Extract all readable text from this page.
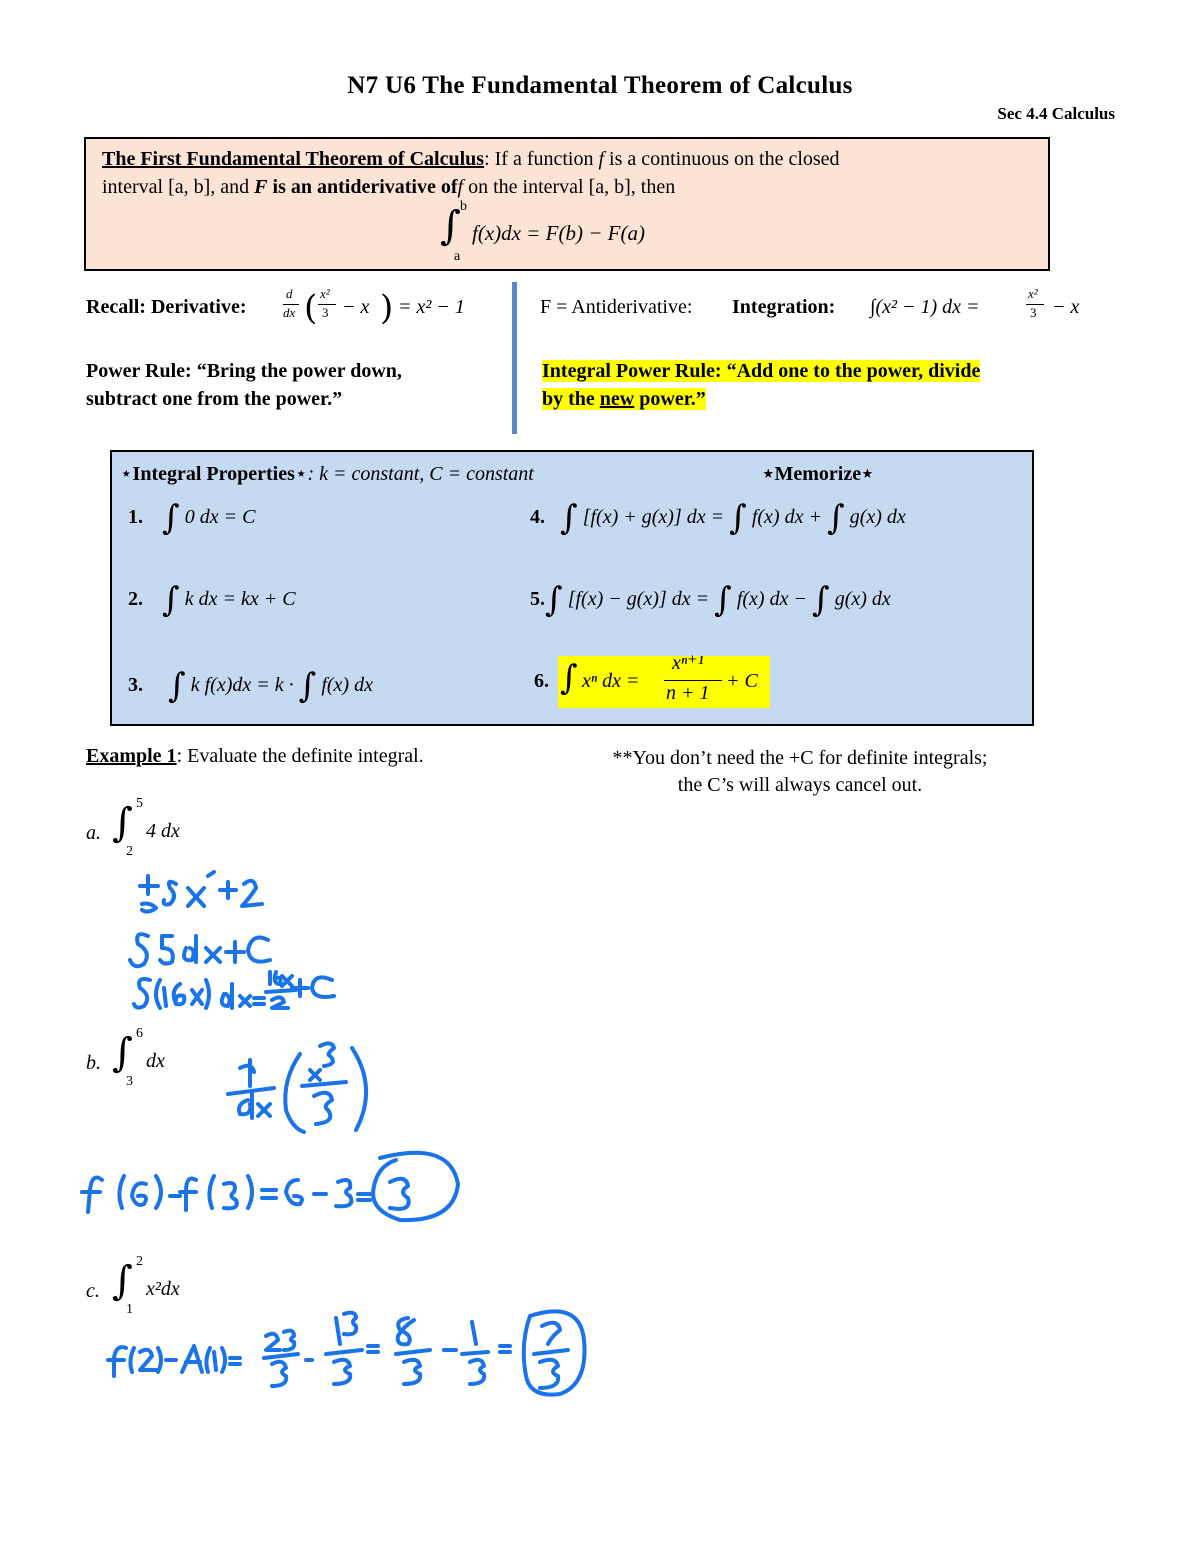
N7 U6 The Fundamental Theorem of Calculus
Sec 4.4 Calculus
The First Fundamental Theorem of Calculus: If a function f is a continuous on the closed
interval [a, b], and F is an antiderivative off on the interval [a, b], then
∫ b
a
f(x)dx = F(b) − F(a)
Recall: Derivative:
d
dx ( x²
3 − x ) = x² − 1	F = Antiderivative: Integration: ∫(x² − 1) dx =
x²
3 − x
Power Rule: “Bring the power down,
subtract one from the power.”
Integral Power Rule: “Add one to the power, divide
by the new power.”
⋆Integral Properties⋆: k = constant, C = constant	⋆Memorize⋆
1. ∫ 0 dx = C
2. ∫ k dx = kx + C
3. ∫ k f(x)dx = k · ∫ f(x) dx
4. ∫ [f(x) + g(x)] dx = ∫ f(x) dx + ∫ g(x) dx
5.∫ [f(x) − g(x)] dx = ∫ f(x) dx − ∫ g(x) dx
6. ∫ xⁿ dx =
xⁿ⁺¹
n + 1
+ C
Example 1: Evaluate the definite integral.	**You don’t need the +C for definite integrals;
the C’s will always cancel out.
a. ∫ 5
2
4 dx
b. ∫ 6
3
dx
c. ∫ 2
1
x²dx
